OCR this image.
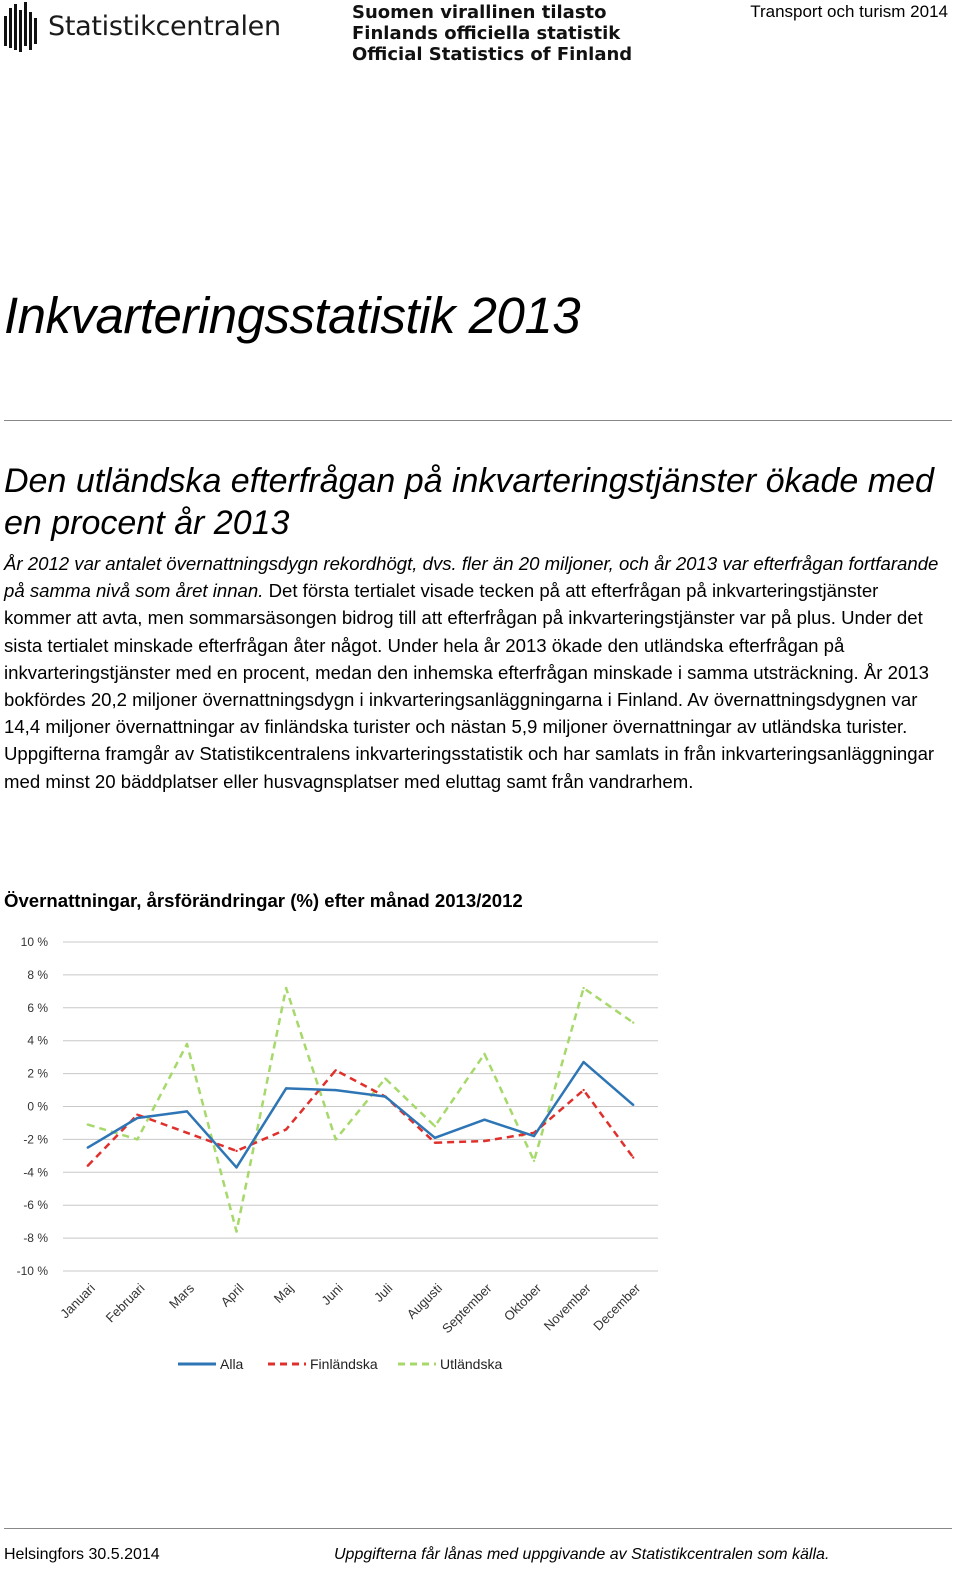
Statistikcentralen	Suomen virallinen tilasto
Finlands officiella statistik
Official Statistics of Finland
Transport och turism 2014
Inkvarteringsstatistik 2013
Den utländska efterfrågan på inkvarteringstjänster ökade med en procent år 2013

År 2012 var antalet övernattningsdygn rekordhögt, dvs. fler än 20 miljoner, och år 2013 var efterfrågan fortfarande på samma nivå som året innan. Det första tertialet visade tecken på att efterfrågan på inkvarteringstjänster kommer att avta, men sommarsäsongen bidrog till att efterfrågan på inkvarteringstjänster var på plus. Under det sista tertialet minskade efterfrågan åter något. Under hela år 2013 ökade den utländska efterfrågan på inkvarteringstjänster med en procent, medan den inhemska efterfrågan minskade i samma utsträckning. År 2013 bokfördes 20,2 miljoner övernattningsdygn i inkvarteringsanläggningarna i Finland. Av övernattningsdygnen var 14,4 miljoner övernattningar av finländska turister och nästan 5,9 miljoner övernattningar av utländska turister. Uppgifterna framgår av Statistikcentralens inkvarteringsstatistik och har samlats in från inkvarteringsanläggningar med minst 20 bäddplatser eller husvagnsplatser med eluttag samt från vandrarhem.

Övernattningar, årsförändringar (%) efter månad 2013/2012
10 %
8 %
6 %
4 %
2 %
0 %
-2 %
-4 %
-6 %
-8 %
-10 %
Januari Februari Mars April Maj Juni Juli Augusti
September Oktober
November
December
Alla	Finländska	Utländska
Helsingfors 30.5.2014	Uppgifterna får lånas med uppgivande av Statistikcentralen som källa.
